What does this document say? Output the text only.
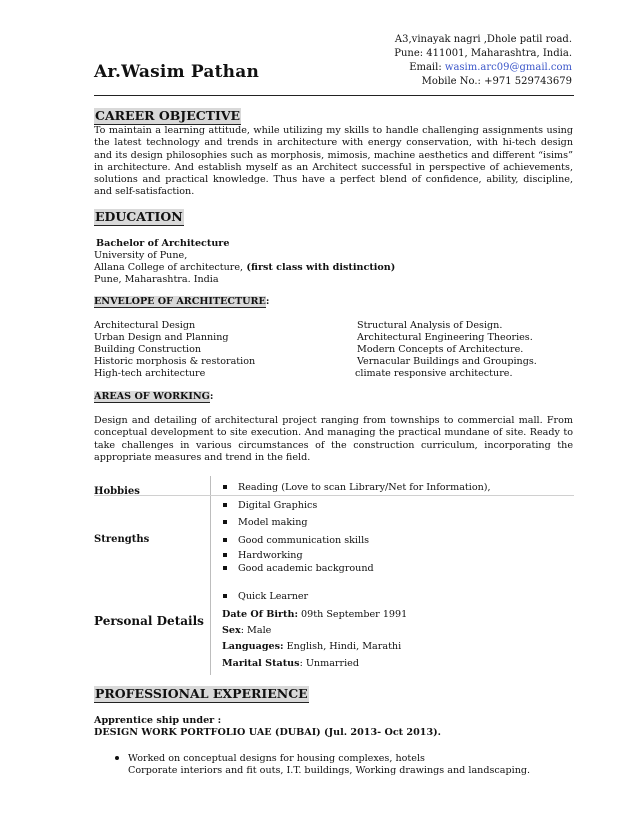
A3,vinayak nagri ,Dhole patil road.
Pune: 411001, Maharashtra, India.
Email: wasim.arc09@gmail.com
Mobile No.: +971 529743679
Ar.Wasim Pathan
CAREER OBJECTIVE
To maintain a learning attitude, while utilizing my skills to handle challenging assignments using the latest technology and trends in architecture with energy conservation, with hi-tech design and its design philosophies such as morphosis, mimosis, machine aesthetics and different “isims” in architecture. And establish myself as an Architect successful in perspective of achievements, solutions and practical knowledge. Thus have a perfect blend of confidence, ability, discipline, and self-satisfaction.
EDUCATION
Bachelor of Architecture
University of Pune,
Allana College of architecture, (first class with distinction)
Pune, Maharashtra. India
ENVELOPE OF ARCHITECTURE:
Architectural Design
Urban Design and Planning
Building Construction
Historic morphosis & restoration
High-tech architecture
Structural Analysis of Design.
Architectural Engineering Theories.
Modern Concepts of Architecture.
Vernacular Buildings and Groupings.
climate responsive architecture.
AREAS OF WORKING:
Design and detailing of architectural project ranging from townships to commercial mall. From conceptual development to site execution. And managing the practical mundane of site. Ready to take challenges in various circumstances of the construction curriculum, incorporating the appropriate measures and trend in the field.
Hobbies	Reading (Love to scan Library/Net for Information),
Digital Graphics
Model making
Strengths	Good communication skills
Hardworking
Good academic background
Quick Learner
Personal Details Date Of Birth: 09th September 1991
Sex: Male
Languages: English, Hindi, Marathi
Marital Status: Unmarried
PROFESSIONAL EXPERIENCE
Apprentice ship under :
DESIGN WORK PORTFOLIO UAE (DUBAI) (Jul. 2013- Oct 2013).
Worked on conceptual designs for housing complexes, hotels
Corporate interiors and fit outs, I.T. buildings, Working drawings and landscaping.
